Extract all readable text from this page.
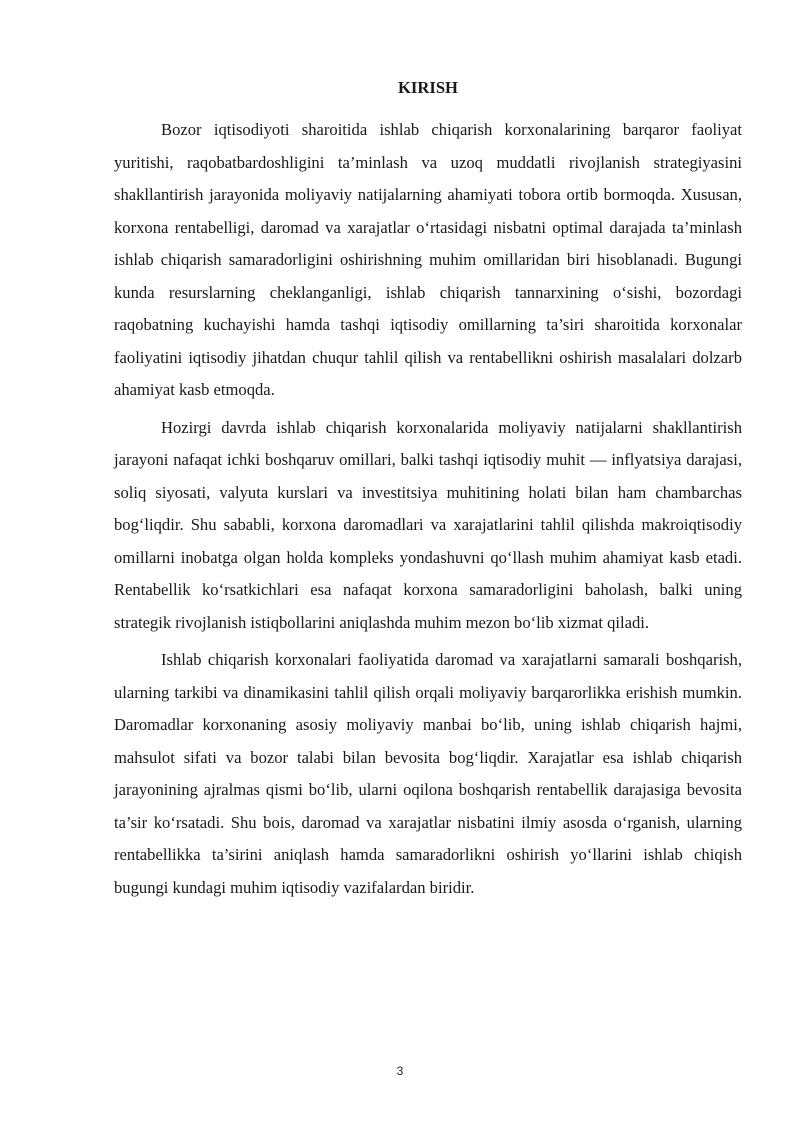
KIRISH

Bozor iqtisodiyoti sharoitida ishlab chiqarish korxonalarining barqaror faoliyat yuritishi, raqobatbardoshligini ta’minlash va uzoq muddatli rivojlanish strategiyasini shakllantirish jarayonida moliyaviy natijalarning ahamiyati tobora ortib bormoqda. Xususan, korxona rentabelligi, daromad va xarajatlar o‘rtasidagi nisbatni optimal darajada ta’minlash ishlab chiqarish samaradorligini oshirishning muhim omillaridan biri hisoblanadi. Bugungi kunda resurslarning cheklanganligi, ishlab chiqarish tannarxining o‘sishi, bozordagi raqobatning kuchayishi hamda tashqi iqtisodiy omillarning ta’siri sharoitida korxonalar faoliyatini iqtisodiy jihatdan chuqur tahlil qilish va rentabellikni oshirish masalalari dolzarb ahamiyat kasb etmoqda.

Hozirgi davrda ishlab chiqarish korxonalarida moliyaviy natijalarni shakllantirish jarayoni nafaqat ichki boshqaruv omillari, balki tashqi iqtisodiy muhit — inflyatsiya darajasi, soliq siyosati, valyuta kurslari va investitsiya muhitining holati bilan ham chambarchas bog‘liqdir. Shu sababli, korxona daromadlari va xarajatlarini tahlil qilishda makroiqtisodiy omillarni inobatga olgan holda kompleks yondashuvni qo‘llash muhim ahamiyat kasb etadi. Rentabellik ko‘rsatkichlari esa nafaqat korxona samaradorligini baholash, balki uning strategik rivojlanish istiqbollarini aniqlashda muhim mezon bo‘lib xizmat qiladi.

Ishlab chiqarish korxonalari faoliyatida daromad va xarajatlarni samarali boshqarish, ularning tarkibi va dinamikasini tahlil qilish orqali moliyaviy barqarorlikka erishish mumkin. Daromadlar korxonaning asosiy moliyaviy manbai bo‘lib, uning ishlab chiqarish hajmi, mahsulot sifati va bozor talabi bilan bevosita bog‘liqdir. Xarajatlar esa ishlab chiqarish jarayonining ajralmas qismi bo‘lib, ularni oqilona boshqarish rentabellik darajasiga bevosita ta’sir ko‘rsatadi. Shu bois, daromad va xarajatlar nisbatini ilmiy asosda o‘rganish, ularning rentabellikka ta’sirini aniqlash hamda samaradorlikni oshirish yo‘llarini ishlab chiqish bugungi kundagi muhim iqtisodiy vazifalardan biridir.

3
